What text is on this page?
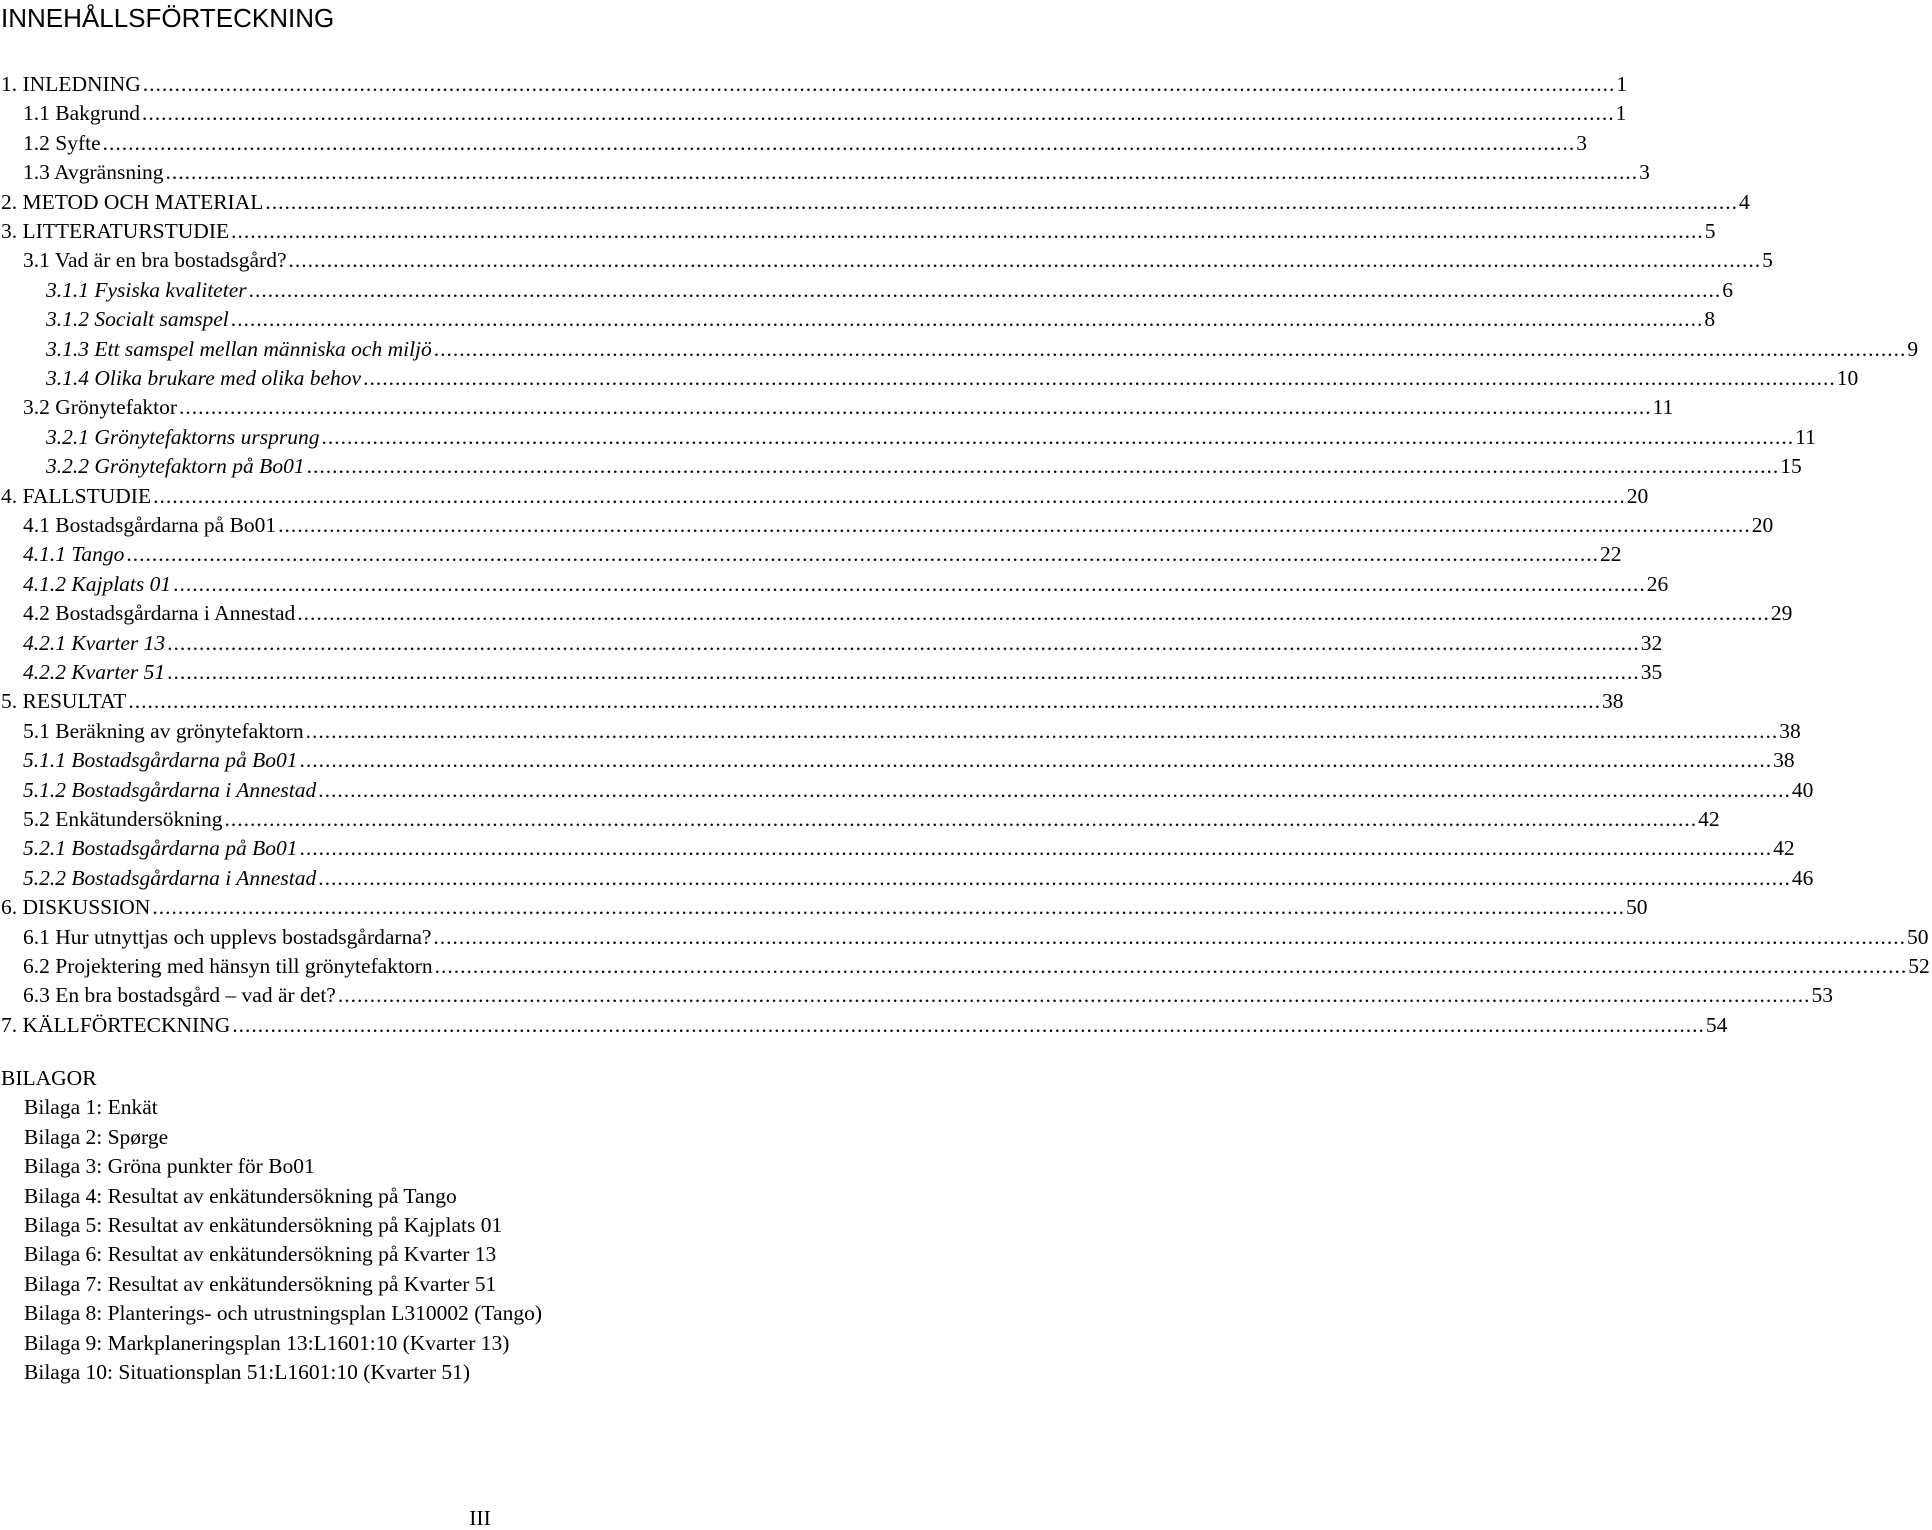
INNEHÅLLSFÖRTECKNING
1. INLEDNING .....	1
1.1 Bakgrund .....	1
1.2 Syfte .....	3
1.3 Avgränsning .....	3
2. METOD OCH MATERIAL .....	4
3. LITTERATURSTUDIE .....	5
3.1 Vad är en bra bostadsgård? .....	5
3.1.1 Fysiska kvaliteter .....	6
3.1.2 Socialt samspel .....	8
3.1.3 Ett samspel mellan människa och miljö .....	9
3.1.4 Olika brukare med olika behov .....	10
3.2 Grönytefaktor .....	11
3.2.1 Grönytefaktorns ursprung .....	11
3.2.2 Grönytefaktorn på Bo01 .....	15
4. FALLSTUDIE .....	20
4.1 Bostadsgårdarna på Bo01 .....	20
4.1.1 Tango .....	22
4.1.2 Kajplats 01 .....	26
4.2 Bostadsgårdarna i Annestad .....	29
4.2.1 Kvarter 13 .....	32
4.2.2 Kvarter 51 .....	35
5. RESULTAT .....	38
5.1 Beräkning av grönytefaktorn .....	38
5.1.1 Bostadsgårdarna på Bo01 .....	38
5.1.2 Bostadsgårdarna i Annestad .....	40
5.2 Enkätundersökning .....	42
5.2.1 Bostadsgårdarna på Bo01 .....	42
5.2.2 Bostadsgårdarna i Annestad .....	46
6. DISKUSSION .....	50
6.1 Hur utnyttjas och upplevs bostadsgårdarna? .....	50
6.2 Projektering med hänsyn till grönytefaktorn .....	52
6.3 En bra bostadsgård – vad är det? .....	53
7. KÄLLFÖRTECKNING .....	54
BILAGOR
Bilaga 1: Enkät
Bilaga 2: Spørge
Bilaga 3: Gröna punkter för Bo01
Bilaga 4: Resultat av enkätundersökning på Tango
Bilaga 5: Resultat av enkätundersökning på Kajplats 01
Bilaga 6: Resultat av enkätundersökning på Kvarter 13
Bilaga 7: Resultat av enkätundersökning på Kvarter 51
Bilaga 8: Planterings- och utrustningsplan L310002 (Tango)
Bilaga 9: Markplaneringsplan 13:L1601:10 (Kvarter 13)
Bilaga 10: Situationsplan 51:L1601:10 (Kvarter 51)
III
